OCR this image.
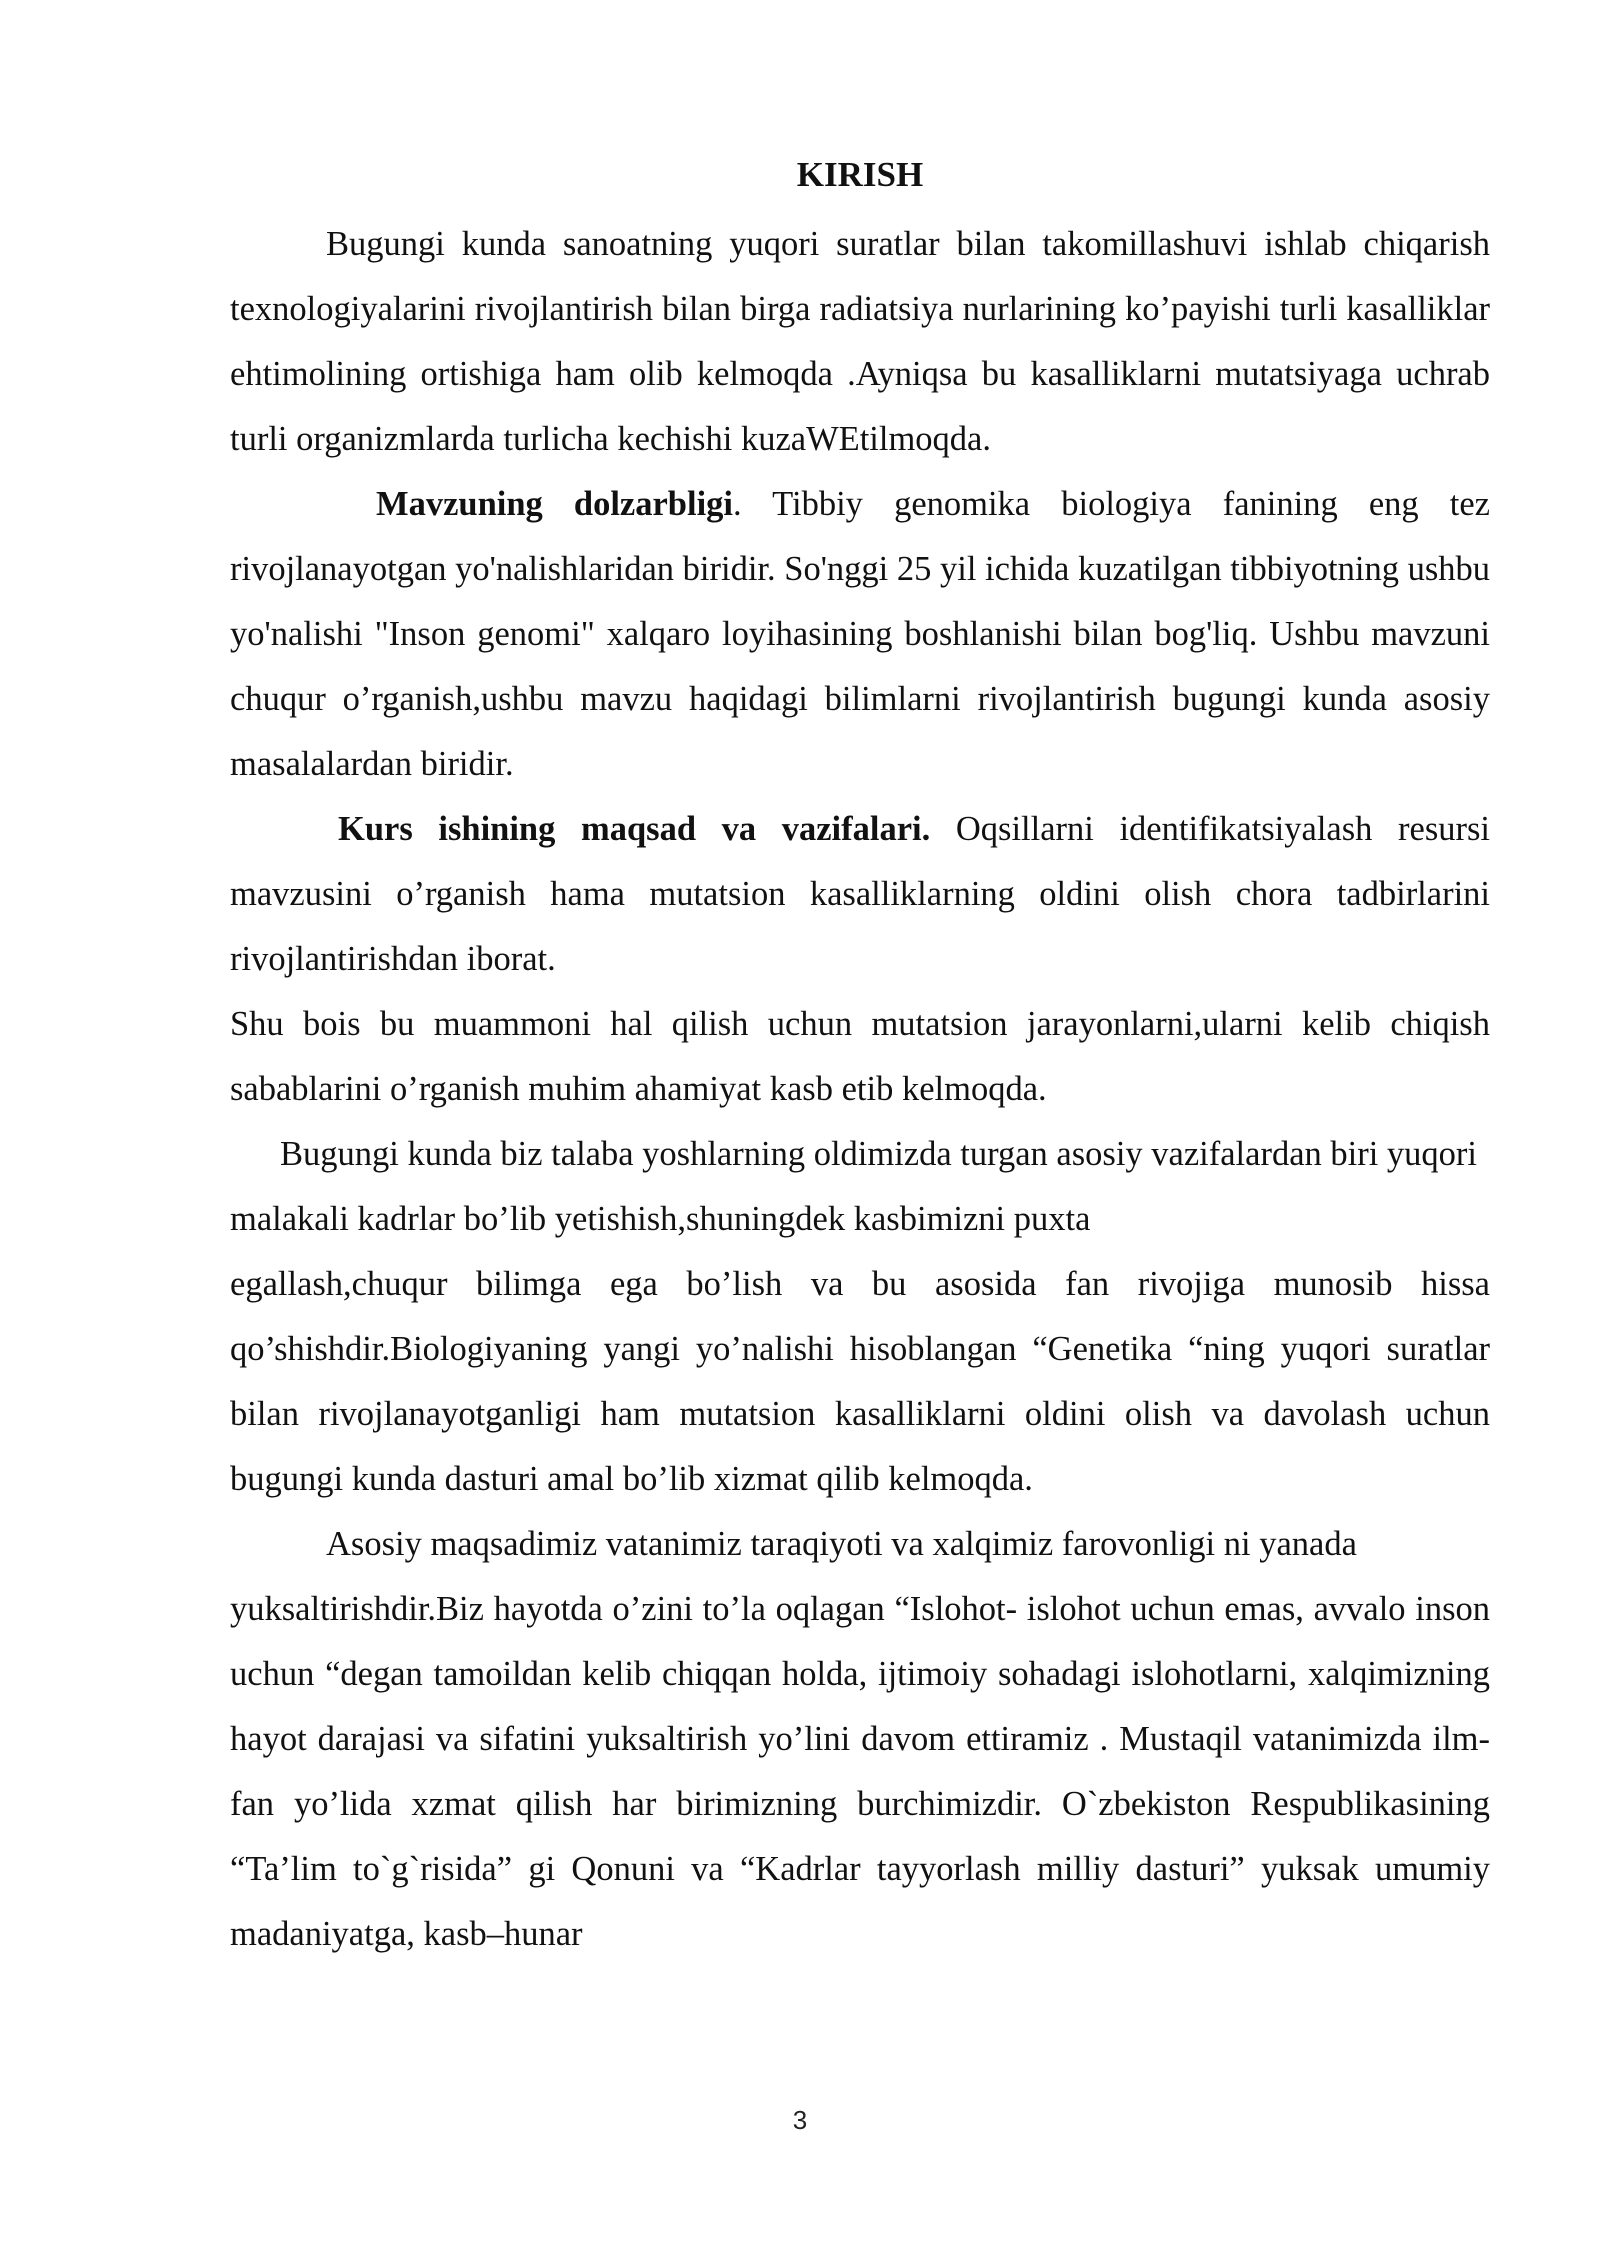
KIRISH

Bugungi kunda sanoatning yuqori suratlar bilan takomillashuvi ishlab chiqarish texnologiyalarini rivojlantirish bilan birga radiatsiya nurlarining ko’payishi turli kasalliklar ehtimolining ortishiga ham olib kelmoqda .Ayniqsa bu kasalliklarni mutatsiyaga uchrab turli organizmlarda turlicha kechishi kuzaWEtilmoqda.

Mavzuning dolzarbligi. Tibbiy genomika biologiya fanining eng tez rivojlanayotgan yo'nalishlaridan biridir. So'nggi 25 yil ichida kuzatilgan tibbiyotning ushbu yo'nalishi "Inson genomi" xalqaro loyihasining boshlanishi bilan bog'liq. Ushbu mavzuni chuqur o’rganish,ushbu mavzu haqidagi bilimlarni rivojlantirish bugungi kunda asosiy masalalardan biridir.

Kurs ishining maqsad va vazifalari. Oqsillarni identifikatsiyalash resursi mavzusini o’rganish hama mutatsion kasalliklarning oldini olish chora tadbirlarini rivojlantirishdan iborat.

Shu bois bu muammoni hal qilish uchun mutatsion jarayonlarni,ularni kelib chiqish sabablarini o’rganish muhim ahamiyat kasb etib kelmoqda.

Bugungi kunda biz talaba yoshlarning oldimizda turgan asosiy vazifalardan biri yuqori malakali kadrlar bo’lib yetishish,shuningdek kasbimizni puxta

egallash,chuqur bilimga ega bo’lish va bu asosida fan rivojiga munosib hissa qo’shishdir.Biologiyaning yangi yo’nalishi hisoblangan “Genetika “ning yuqori suratlar bilan rivojlanayotganligi ham mutatsion kasalliklarni oldini olish va davolash uchun bugungi kunda dasturi amal bo’lib xizmat qilib kelmoqda.

Asosiy maqsadimiz vatanimiz taraqiyoti va xalqimiz farovonligi ni yanada

yuksaltirishdir.Biz hayotda o’zini to’la oqlagan “Islohot- islohot uchun emas, avvalo inson uchun “degan tamoildan kelib chiqqan holda, ijtimoiy sohadagi islohotlarni, xalqimizning hayot darajasi va sifatini yuksaltirish yo’lini davom ettiramiz . Mustaqil vatanimizda ilm-fan yo’lida xzmat qilish har birimizning burchimizdir. O`zbekiston Respublikasining “Ta’lim to`g`risida” gi Qonuni va “Kadrlar tayyorlash milliy dasturi” yuksak umumiy madaniyatga, kasb–hunar

3
